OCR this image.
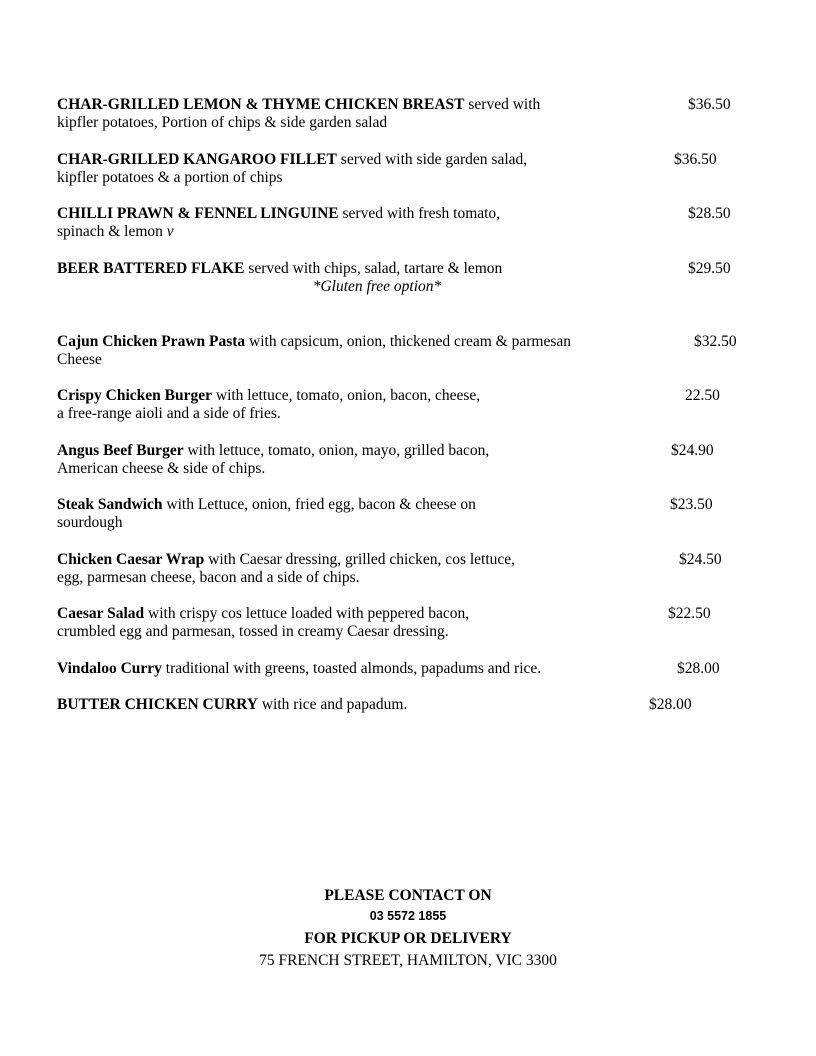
CHAR-GRILLED LEMON & THYME CHICKEN BREAST served with
kipfler potatoes, Portion of chips & side garden salad
$36.50
CHAR-GRILLED KANGAROO FILLET served with side garden salad,
kipfler potatoes & a portion of chips
$36.50
CHILLI PRAWN & FENNEL LINGUINE served with fresh tomato,
spinach & lemon v
$28.50
BEER BATTERED FLAKE served with chips, salad, tartare & lemon
*Gluten free option*
$29.50
Cajun Chicken Prawn Pasta with capsicum, onion, thickened cream & parmesan
Cheese
$32.50
Crispy Chicken Burger with lettuce, tomato, onion, bacon, cheese,
a free-range aioli and a side of fries.
22.50
Angus Beef Burger with lettuce, tomato, onion, mayo, grilled bacon,
American cheese & side of chips.
$24.90
Steak Sandwich with Lettuce, onion, fried egg, bacon & cheese on
sourdough
$23.50
Chicken Caesar Wrap with Caesar dressing, grilled chicken, cos lettuce,
egg, parmesan cheese, bacon and a side of chips.
$24.50
Caesar Salad with crispy cos lettuce loaded with peppered bacon,
crumbled egg and parmesan, tossed in creamy Caesar dressing.
$22.50
Vindaloo Curry traditional with greens, toasted almonds, papadums and rice.	$28.00
BUTTER CHICKEN CURRY with rice and papadum.	$28.00
PLEASE CONTACT ON
03 5572 1855
FOR PICKUP OR DELIVERY
75 FRENCH STREET, HAMILTON, VIC 3300
